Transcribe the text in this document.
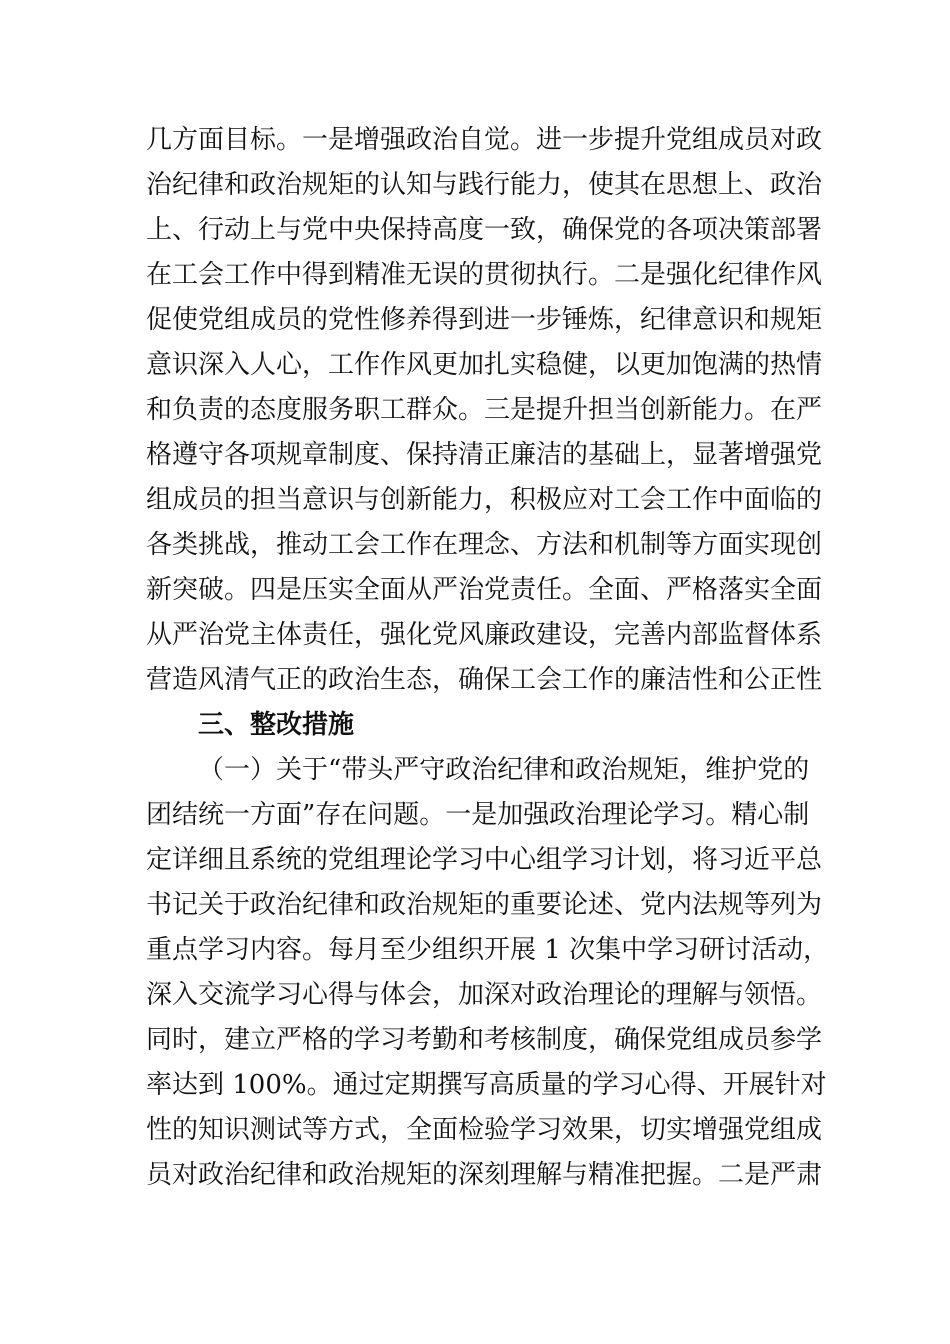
几方面目标。一是增强政治自觉。进一步提升党组成员对政
治纪律和政治规矩的认知与践行能力，使其在思想上、政治
上、行动上与党中央保持高度一致，确保党的各项决策部署
在工会工作中得到精准无误的贯彻执行。二是强化纪律作风
促使党组成员的党性修养得到进一步锤炼，纪律意识和规矩
意识深入人心，工作作风更加扎实稳健，以更加饱满的热情
和负责的态度服务职工群众。三是提升担当创新能力。在严
格遵守各项规章制度、保持清正廉洁的基础上，显著增强党
组成员的担当意识与创新能力，积极应对工会工作中面临的
各类挑战，推动工会工作在理念、方法和机制等方面实现创
新突破。四是压实全面从严治党责任。全面、严格落实全面
从严治党主体责任，强化党风廉政建设，完善内部监督体系
营造风清气正的政治生态，确保工会工作的廉洁性和公正性
三、整改措施
（一）关于“带头严守政治纪律和政治规矩，维护党的
团结统一方面”存在问题。一是加强政治理论学习。精心制
定详细且系统的党组理论学习中心组学习计划，将习近平总
书记关于政治纪律和政治规矩的重要论述、党内法规等列为
重点学习内容。每月至少组织开展 1 次集中学习研讨活动，
深入交流学习心得与体会，加深对政治理论的理解与领悟。
同时，建立严格的学习考勤和考核制度，确保党组成员参学
率达到 100%。通过定期撰写高质量的学习心得、开展针对
性的知识测试等方式，全面检验学习效果，切实增强党组成
员对政治纪律和政治规矩的深刻理解与精准把握。二是严肃
